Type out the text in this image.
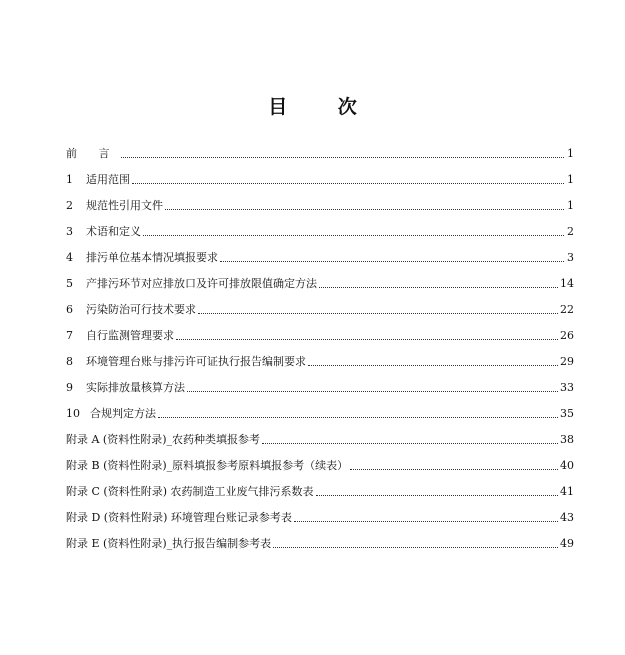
目 次
前 言	1
1	适用范围	1
2	规范性引用文件	1
3	术语和定义	2
4	排污单位基本情况填报要求	3
5	产排污环节对应排放口及许可排放限值确定方法	14
6	污染防治可行技术要求	22
7	自行监测管理要求	26
8	环境管理台账与排污许可证执行报告编制要求	29
9	实际排放量核算方法	33
10 合规判定方法	35
附录 A (资料性附录)_农药种类填报参考	38
附录 B (资料性附录)_原料填报参考原料填报参考（续表）	40
附录 C (资料性附录) 农药制造工业废气排污系数表	41
附录 D (资料性附录) 环境管理台账记录参考表	43
附录 E (资料性附录)_执行报告编制参考表	49
